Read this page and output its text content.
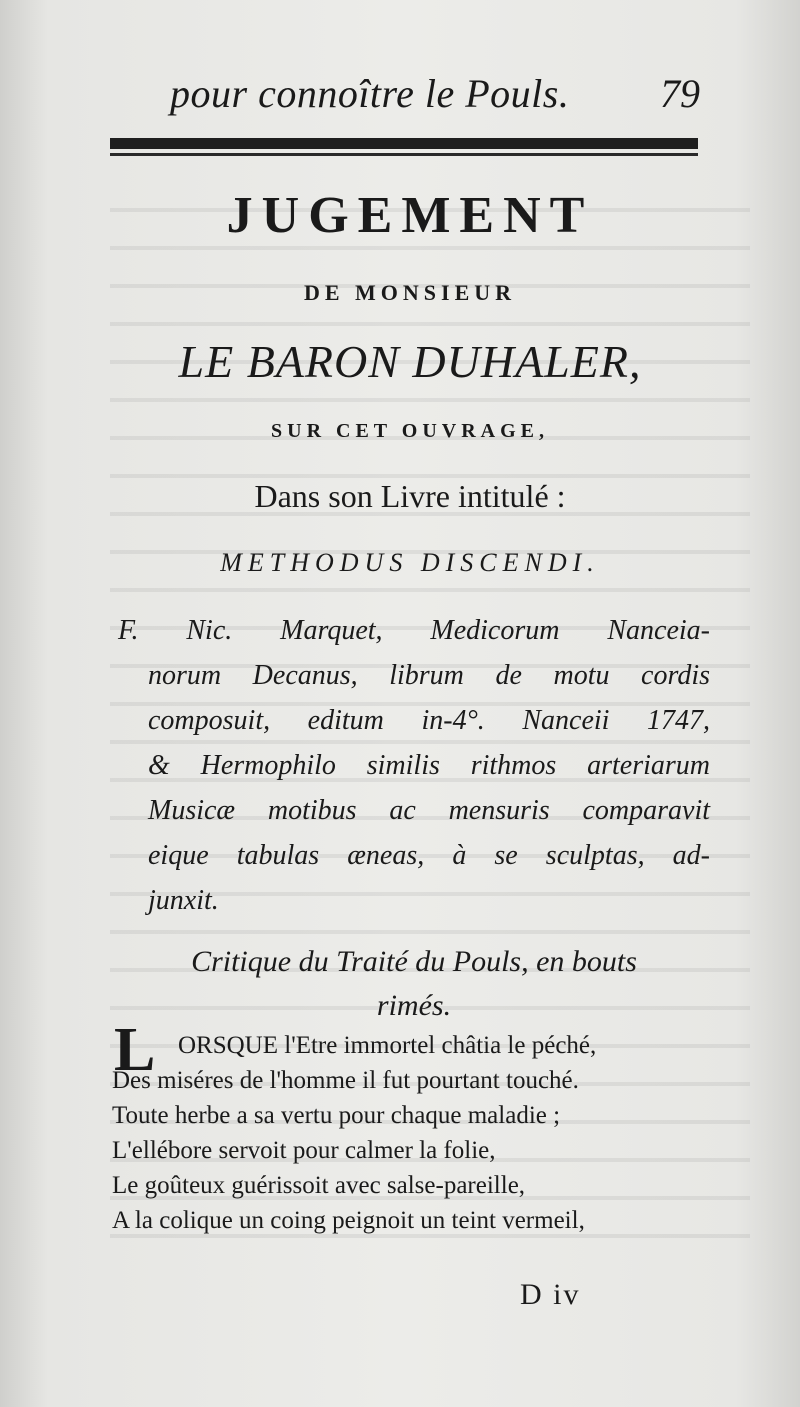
pour connoître le Pouls. 79
JUGEMENT
DE MONSIEUR
LE BARON DUHALER,
SUR CET OUVRAGE,
Dans son Livre intitulé :
METHODUS DISCENDI.
F. Nic. Marquet, Medicorum Nanceia-
norum Decanus, librum de motu cordis
composuit, editum in-4°. Nanceii 1747,
& Hermophilo similis rithmos arteriarum
Musicæ motibus ac mensuris comparavit
eique tabulas æneas, à se sculptas, ad-
junxit.
Critique du Traité du Pouls, en bouts
rimés.
L ORSQUE l'Etre immortel châtia le péché,
Des miséres de l'homme il fut pourtant touché.
Toute herbe a sa vertu pour chaque maladie ;
L'ellébore servoit pour calmer la folie,
Le goûteux guérissoit avec salse-pareille,
A la colique un coing peignoit un teint vermeil,
D iv
